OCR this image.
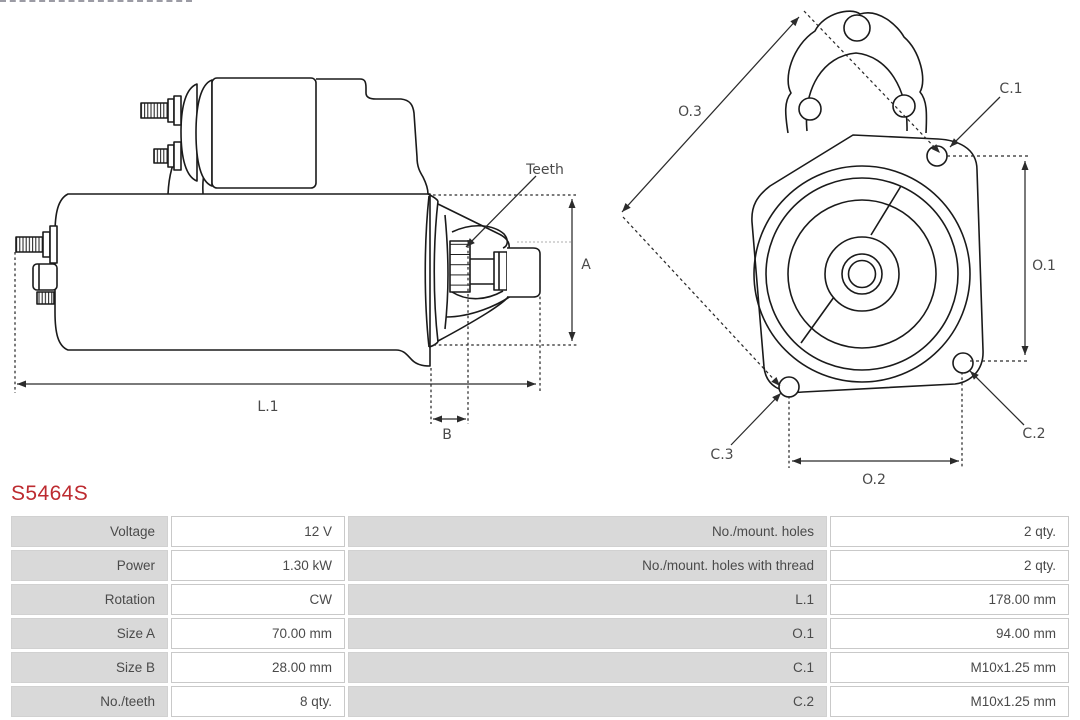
Teeth
A
L.1
B
O.3
C.1
O.1
C.2
C.3
O.2
S5464S
Voltage	12 V	No./mount. holes	2 qty.
Power	1.30 kW	No./mount. holes with thread	2 qty.
Rotation	CW	L.1	178.00 mm
Size A	70.00 mm	O.1	94.00 mm
Size B	28.00 mm	C.1	M10x1.25 mm
No./teeth	8 qty.	C.2	M10x1.25 mm
